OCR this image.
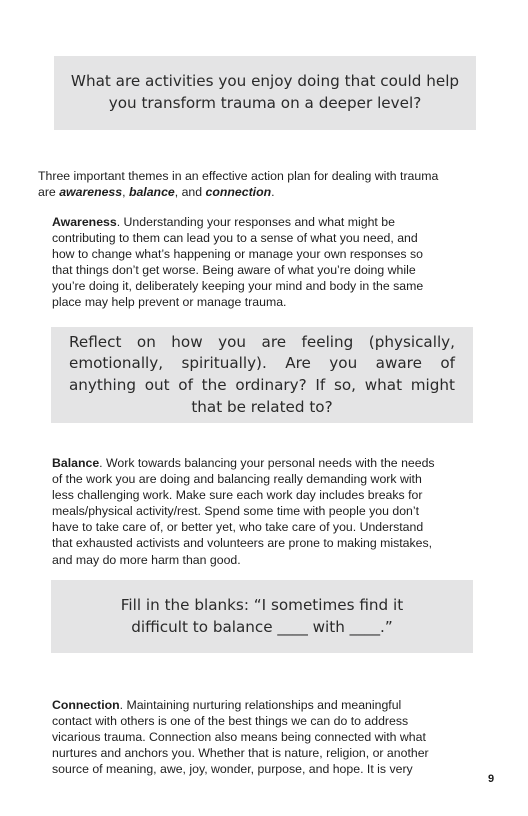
What are activities you enjoy doing that could help
you transform trauma on a deeper level?
Three important themes in an effective action plan for dealing with trauma
are awareness, balance, and connection.
Awareness. Understanding your responses and what might be
contributing to them can lead you to a sense of what you need, and
how to change what’s happening or manage your own responses so
that things don’t get worse. Being aware of what you’re doing while
you’re doing it, deliberately keeping your mind and body in the same
place may help prevent or manage trauma.
Reflect on how you are feeling (physically, emotionally, spiritually). Are you aware of anything out of the ordinary? If so, what might that be related to?
Balance. Work towards balancing your personal needs with the needs
of the work you are doing and balancing really demanding work with
less challenging work. Make sure each work day includes breaks for
meals/physical activity/rest. Spend some time with people you don’t
have to take care of, or better yet, who take care of you. Understand
that exhausted activists and volunteers are prone to making mistakes,
and may do more harm than good.
Fill in the blanks: “I sometimes find it
difficult to balance ____ with ____.”
Connection. Maintaining nurturing relationships and meaningful
contact with others is one of the best things we can do to address
vicarious trauma. Connection also means being connected with what
nurtures and anchors you. Whether that is nature, religion, or another
source of meaning, awe, joy, wonder, purpose, and hope. It is very
9
